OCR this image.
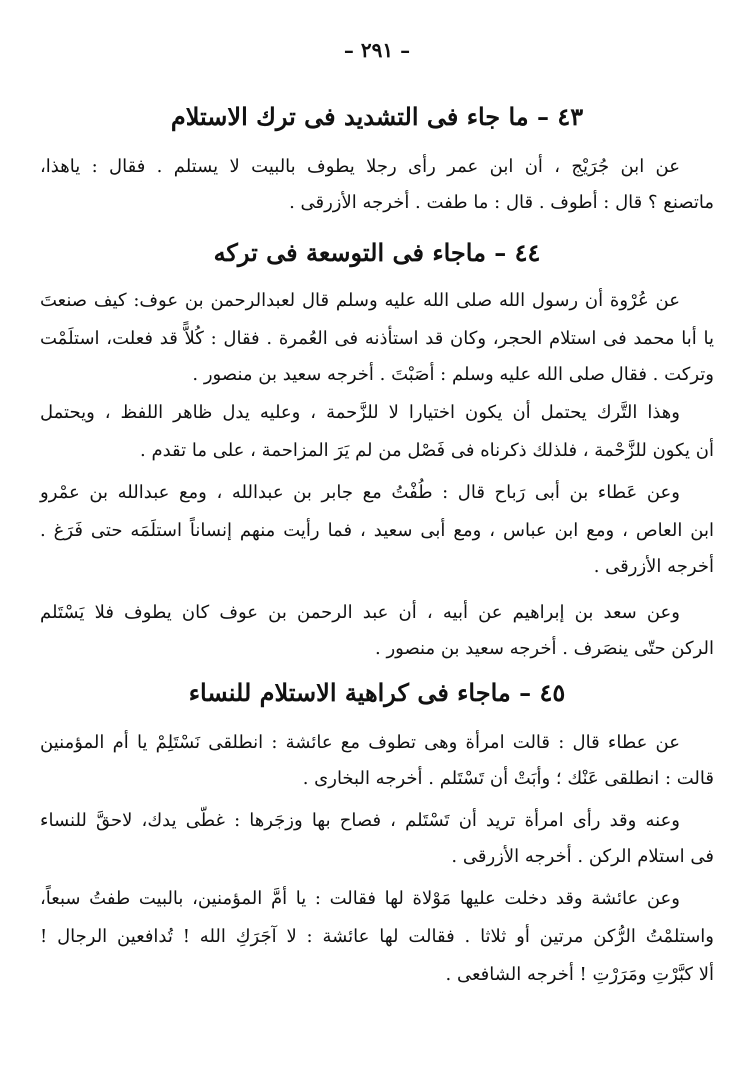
– ٢٩١ –
٤٣ – ما جاء فى التشديد فى ترك الاستلام
عن ابن جُرَيْج ، أن ابن عمر رأى رجلا يطوف بالبيت لا يستلم . فقال : ياهذا،
ماتصنع ؟ قال : أطوف . قال : ما طفت . أخرجه الأزرقى .
٤٤ – ماجاء فى التوسعة فى تركه
عن عُرْوة أن رسول الله صلى الله عليه وسلم قال لعبدالرحمن بن عوف: كيف صنعتَ
يا أبا محمد فى استلام الحجر، وكان قد استأذنه فى العُمرة . فقال : كُلاًّ قد فعلت، استلَمْت
وتركت . فقال صلى الله عليه وسلم : أصَبْتَ . أخرجه سعيد بن منصور .
وهذا التَّرك يحتمل أن يكون اختيارا لا للزَّحمة ، وعليه يدل ظاهر اللفظ ، ويحتمل
أن يكون للزَّحْمة ، فلذلك ذكرناه فى فَصْل من لم يَرَ المزاحمة ، على ما تقدم .
وعن عَطاء بن أبى رَباح قال : طُفْتُ مع جابر بن عبدالله ، ومع عبدالله بن عمْرو
ابن العاص ، ومع ابن عباس ، ومع أبى سعيد ، فما رأيت منهم إنساناً استلَمَه حتى فَرَغ .
أخرجه الأزرقى .
وعن سعد بن إبراهيم عن أبيه ، أن عبد الرحمن بن عوف كان يطوف فلا يَسْتَلم
الركن حتّى ينصَرف . أخرجه سعيد بن منصور .
٤٥ – ماجاء فى كراهية الاستلام للنساء
عن عطاء قال : قالت امرأة وهى تطوف مع عائشة : انطلقى نَسْتَلِمْ يا أم المؤمنين
قالت : انطلقى عَنْك ؛ وأبَتْ أن تَسْتَلم . أخرجه البخارى .
وعنه وقد رأى امرأة تريد أن تَسْتَلم ، فصاح بها وزجَرها : غطّى يدك، لاحقَّ للنساء
فى استلام الركن . أخرجه الأزرقى .
وعن عائشة وقد دخلت عليها مَوْلاة لها فقالت : يا أمَّ المؤمنين، بالبيت طفتُ سبعاً،
واستلمْتُ الرُّكن مرتين أو ثلاثا . فقالت لها عائشة : لا آجَرَكِ الله ! تُدافعين الرجال !
ألا كبَّرْتِ ومَرَرْتِ ! أخرجه الشافعى .
